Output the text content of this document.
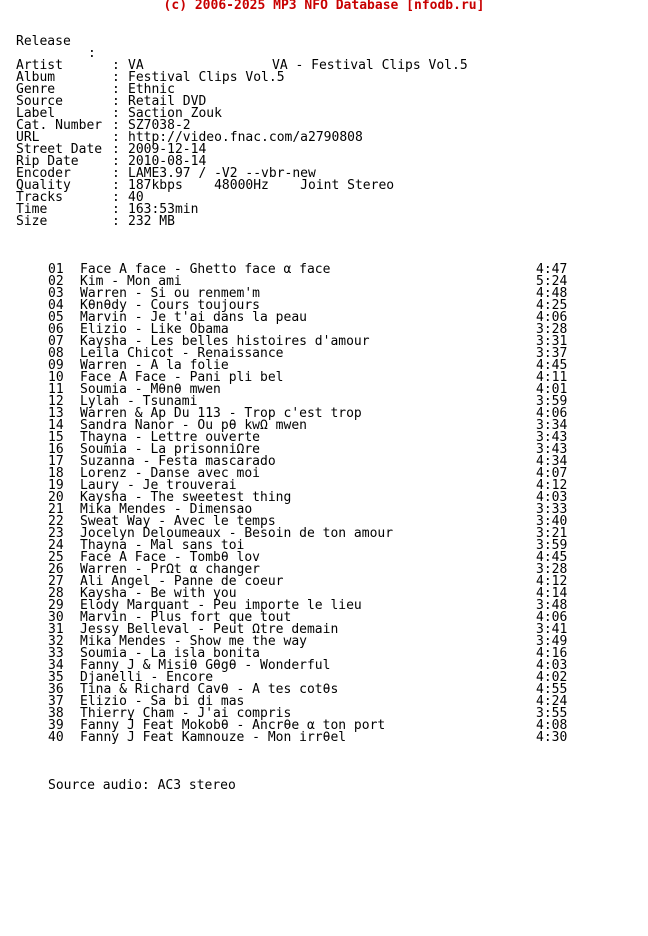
(c) 2006-2025 MP3 NFO Database [nfodb.ru]

Release

:

VA - Festival Clips Vol.5

Artist	: VA
Album	: Festival Clips Vol.5
Genre	: Ethnic
Source	: Retail DVD
Label	: Saction Zouk
Cat. Number : SZ7038-2
URL	: http://video.fnac.com/a2790808
Street Date : 2009-12-14
Rip Date	: 2010-08-14
Encoder	: LAME3.97 / -V2 --vbr-new
Quality	: 187kbps    48000Hz    Joint Stereo
Tracks	: 40
Time	: 163:53min
Size	: 232 MB
01 Face A face - Ghetto face α face	4:47
02 Kim - Mon ami	5:24
03 Warren - Si ou renmem'm	4:48
04 Kθnθdy - Cours toujours	4:25
05 Marvin - Je t'ai dans la peau	4:06
06 Elizio - Like Obama	3:28
07 Kaysha - Les belles histoires d'amour	3:31
08 Leila Chicot - Renaissance	3:37
09 Warren - A la folie	4:45
10 Face A Face - Pani pli bel	4:11
11 Soumia - Mθnθ mwen	4:01
12 Lylah - Tsunami	3:59
13 Warren & Ap Du 113 - Trop c'est trop	4:06
14 Sandra Nanor - Ou pθ kwΩ mwen	3:34
15 Thayna - Lettre ouverte	3:43
16 Soumia - La prisonniΩre	3:43
17 Suzanna - Festa mascarado	4:34
18 Lorenz - Danse avec moi	4:07
19 Laury - Je trouverai	4:12
20 Kaysha - The sweetest thing	4:03
21 Mika Mendes - Dimensao	3:33
22 Sweat Way - Avec le temps	3:40
23 Jocelyn Deloumeaux - Besoin de ton amour	3:21
24 Thayna - Mal sans toi	3:59
25 Face A Face - Tombθ lov	4:45
26 Warren - PrΩt α changer	3:28
27 Ali Angel - Panne de coeur	4:12
28 Kaysha - Be with you	4:14
29 Elody Marquant - Peu importe le lieu	3:48
30 Marvin - Plus fort que tout	4:06
31 Jessy Belleval - Peut Ωtre demain	3:41
32 Mika Mendes - Show me the way	3:49
33 Soumia - La isla bonita	4:16
34 Fanny J & Misiθ Gθgθ - Wonderful	4:03
35 Djanelli - Encore	4:02
36 Tina & Richard Cavθ - A tes cotθs	4:55
37 Elizio - Sa bi di mas	4:24
38 Thierry Cham - J'ai compris	3:55
39 Fanny J Feat Mokobθ - Ancrθe α ton port	4:08
40 Fanny J Feat Kamnouze - Mon irrθel	4:30
Source audio: AC3 stereo
